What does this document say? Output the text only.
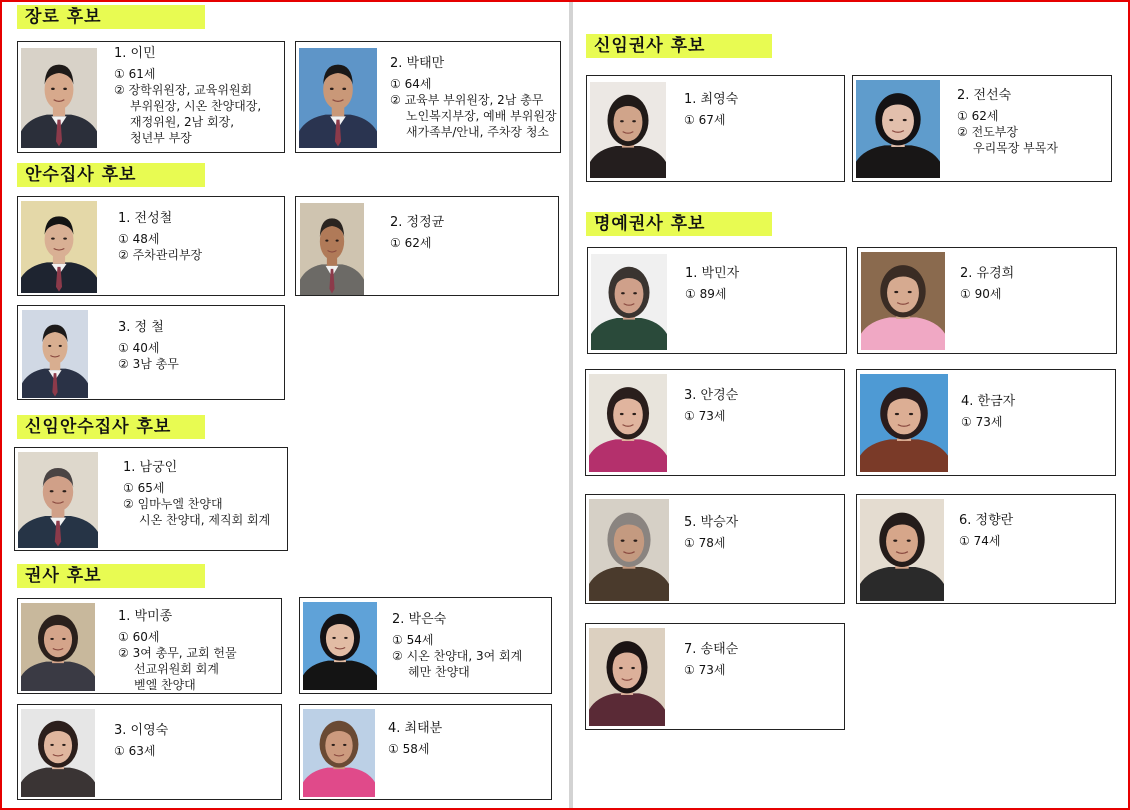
장로 후보
안수집사 후보
신임안수집사 후보
권사 후보
신임권사 후보
명예권사 후보
1. 이민
① 61세
② 장학위원장, 교육위원회
부위원장, 시온 찬양대장,
재정위원, 2남 회장,
청년부 부장
2. 박태만
① 64세
② 교육부 부위원장, 2남 총무
노인복지부장, 예배 부위원장
새가족부/안내, 주차장 청소
1. 전성철
① 48세
② 주차관리부장
2. 정정균
① 62세
3. 정 철
① 40세
② 3남 총무
1. 남궁인
① 65세
② 임마누엘 찬양대
시온 찬양대, 제직회 회계
1. 박미종
① 60세
② 3여 총무, 교회 헌물
선교위원회 회계
벧엘 찬양대
2. 박은숙
① 54세
② 시온 찬양대, 3여 회계
헤만 찬양대
3. 이영숙
① 63세
4. 최태분
① 58세
1. 최영숙
① 67세
2. 전선숙
① 62세
② 전도부장
우리목장 부목자
1. 박민자
① 89세
2. 유경희
① 90세
3. 안경순
① 73세
4. 한금자
① 73세
5. 박승자
① 78세
6. 정향란
① 74세
7. 송태순
① 73세
